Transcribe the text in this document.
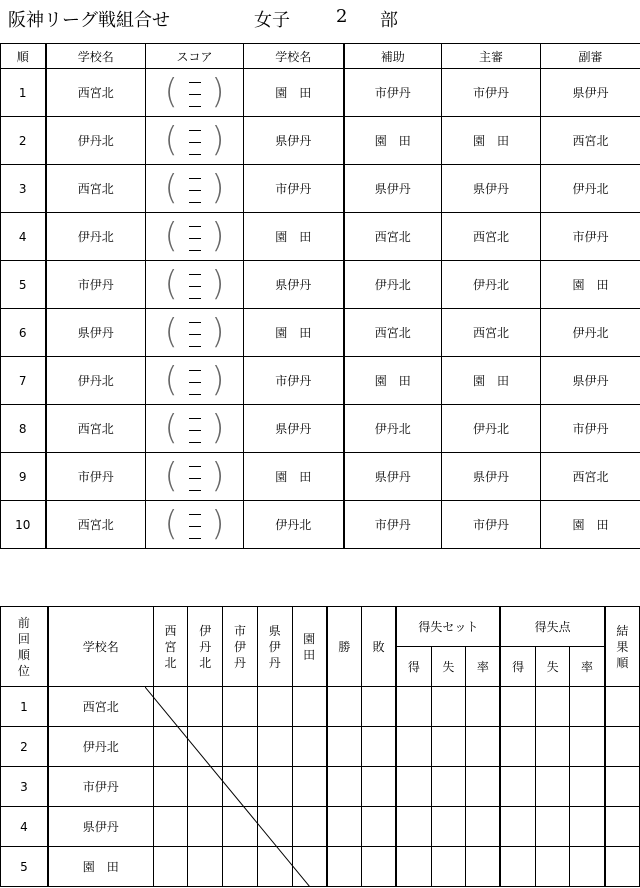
阪神リーグ戦組合せ	女子	2 部
順	学校名	スコア	学校名	補助	主審	副審
1	西宮北	( )	園　田	市伊丹	市伊丹	県伊丹
2	伊丹北	( )	県伊丹	園　田	園　田	西宮北
3	西宮北	( )	市伊丹	県伊丹	県伊丹	伊丹北
4	伊丹北	( )	園　田	西宮北	西宮北	市伊丹
5	市伊丹	( )	県伊丹	伊丹北	伊丹北	園　田
6	県伊丹	( )	園　田	西宮北	西宮北	伊丹北
7	伊丹北	( )	市伊丹	園　田	園　田	県伊丹
8	西宮北	( )	県伊丹	伊丹北	伊丹北	市伊丹
9	市伊丹	( )	園　田	県伊丹	県伊丹	西宮北
10	西宮北	( )	伊丹北	市伊丹	市伊丹	園　田
前回順位	学校名	西宮北	伊丹北	市伊丹	県伊丹	園田	勝	敗	得失セット			得失点			結果順
									得	失	率	得	失	率	
1	西宮北														
2	伊丹北														
3	市伊丹														
4	県伊丹														
5	園　田														
